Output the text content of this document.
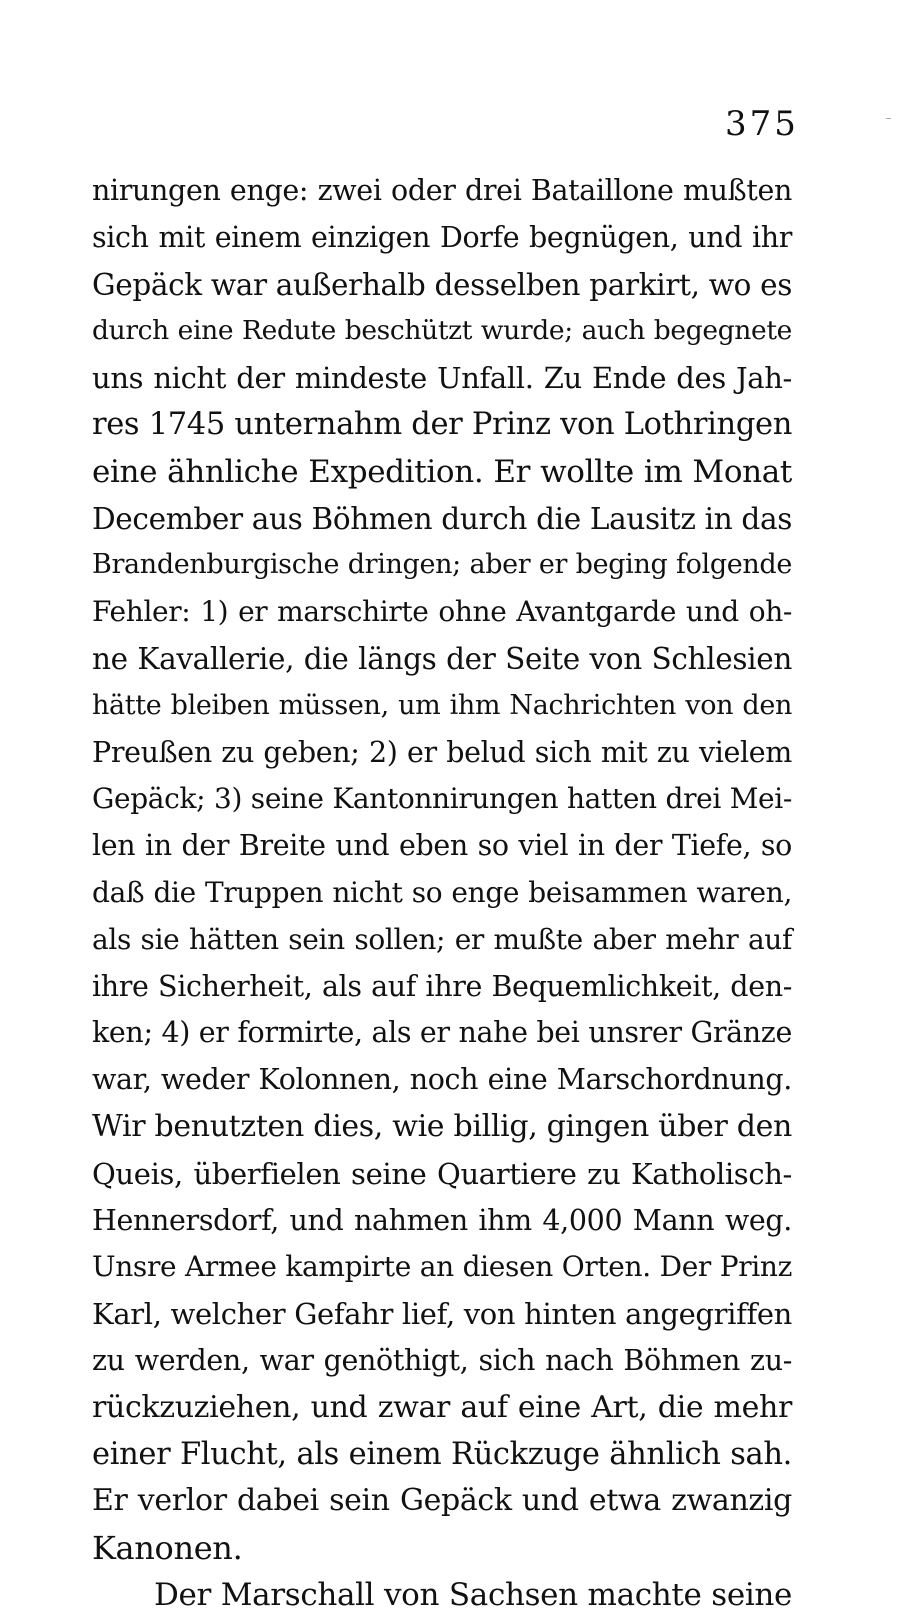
375
nirungen enge: zwei oder drei Bataillone mußten
sich mit einem einzigen Dorfe begnügen, und ihr
Gepäck war außerhalb desselben parkirt, wo es
durch eine Redute beschützt wurde; auch begegnete
uns nicht der mindeste Unfall. Zu Ende des Jah-
res 1745 unternahm der Prinz von Lothringen
eine ähnliche Expedition. Er wollte im Monat
December aus Böhmen durch die Lausitz in das
Brandenburgische dringen; aber er beging folgende
Fehler: 1) er marschirte ohne Avantgarde und oh-
ne Kavallerie, die längs der Seite von Schlesien
hätte bleiben müssen, um ihm Nachrichten von den
Preußen zu geben; 2) er belud sich mit zu vielem
Gepäck; 3) seine Kantonnirungen hatten drei Mei-
len in der Breite und eben so viel in der Tiefe, so
daß die Truppen nicht so enge beisammen waren,
als sie hätten sein sollen; er mußte aber mehr auf
ihre Sicherheit, als auf ihre Bequemlichkeit, den-
ken; 4) er formirte, als er nahe bei unsrer Gränze
war, weder Kolonnen, noch eine Marschordnung.
Wir benutzten dies, wie billig, gingen über den
Queis, überfielen seine Quartiere zu Katholisch-
Hennersdorf, und nahmen ihm 4,000 Mann weg.
Unsre Armee kampirte an diesen Orten. Der Prinz
Karl, welcher Gefahr lief, von hinten angegriffen
zu werden, war genöthigt, sich nach Böhmen zu-
rückzuziehen, und zwar auf eine Art, die mehr
einer Flucht, als einem Rückzuge ähnlich sah.
Er verlor dabei sein Gepäck und etwa zwanzig
Kanonen.
Der Marschall von Sachsen machte seine
